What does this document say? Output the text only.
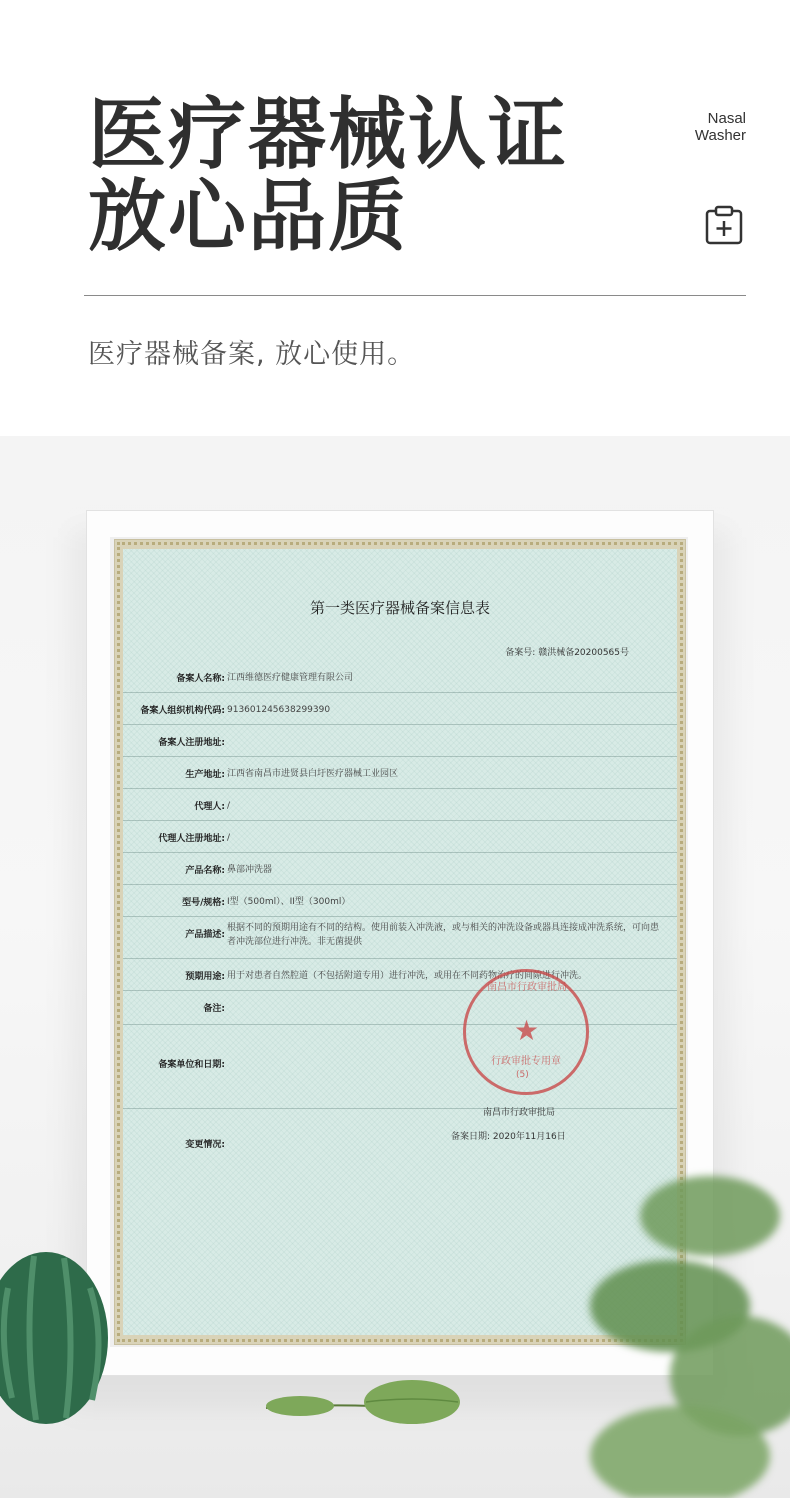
医疗器械认证
放心品质
Nasal
Washer
医疗器械备案, 放心使用。
第一类医疗器械备案信息表
备案号: 赣洪械备20200565号
备案人名称: 江西维德医疗健康管理有限公司
备案人组织机构代码: 913601245638299390
备案人注册地址:
生产地址: 江西省南昌市进贤县白圩医疗器械工业园区
代理人: /
代理人注册地址: /
产品名称: 鼻部冲洗器
型号/规格: I型（500ml）、II型（300ml）
产品描述:
根据不同的预期用途有不同的结构。使用前装入冲洗液，或与相关的冲洗设备或器具连接成冲洗系统，可向患者冲洗部位进行冲洗。非无菌提供
预期用途: 用于对患者自然腔道（不包括附道专用）进行冲洗，或用在不同药物治疗的间隙进行冲洗。
备注:
备案单位和日期:
变更情况:
南昌市行政审批局
备案日期: 2020年11月16日
南昌市行政审批局
★
行政审批专用章
(5)
